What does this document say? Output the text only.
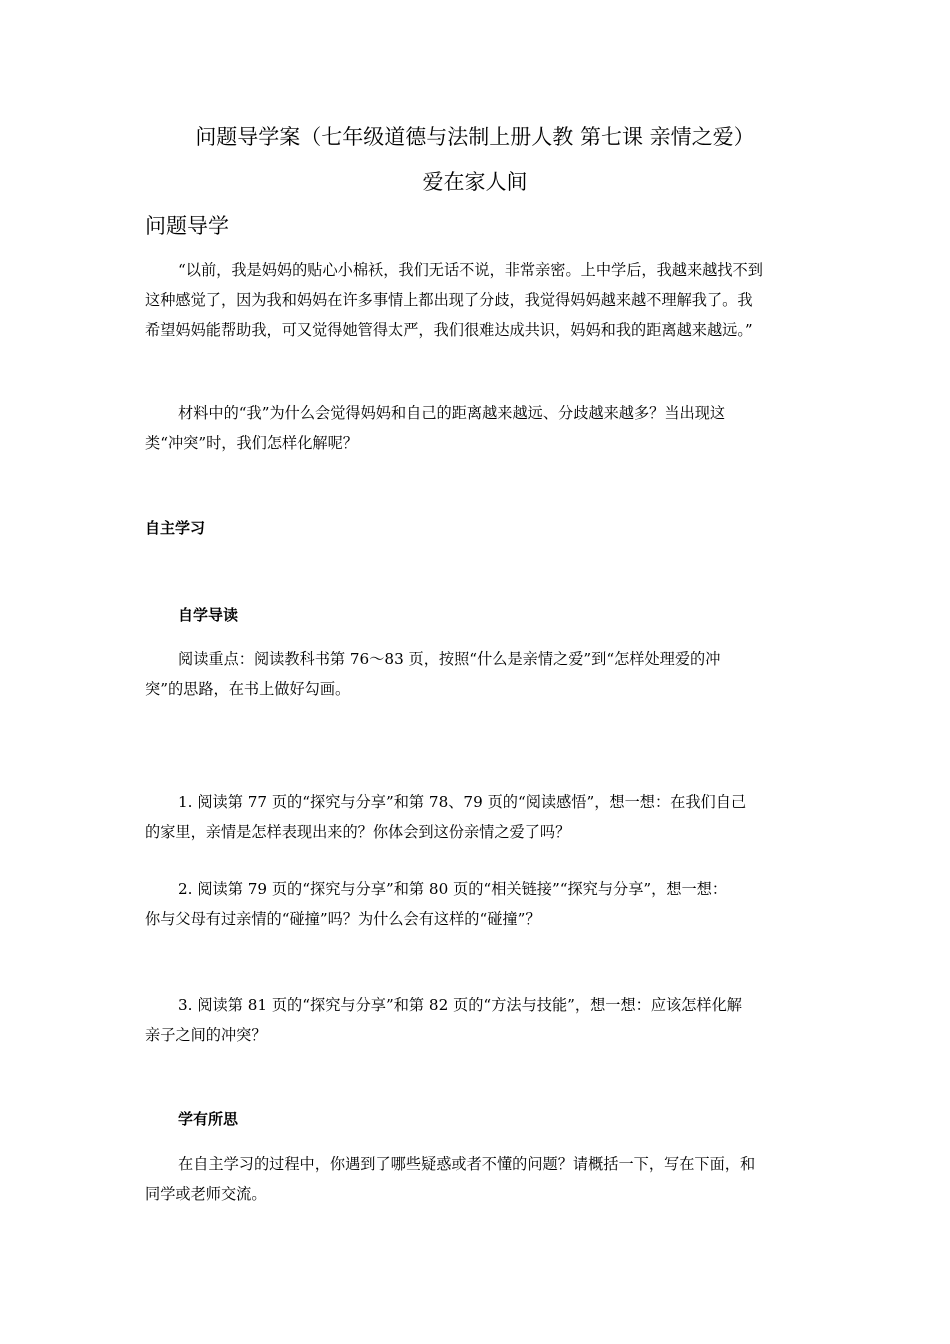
问题导学案（七年级道德与法制上册人教 第七课 亲情之爱）
爱在家人间
问题导学
“以前，我是妈妈的贴心小棉袄，我们无话不说，非常亲密。上中学后，我越来越找不到
这种感觉了，因为我和妈妈在许多事情上都出现了分歧，我觉得妈妈越来越不理解我了。我
希望妈妈能帮助我，可又觉得她管得太严，我们很难达成共识，妈妈和我的距离越来越远。”
材料中的“我”为什么会觉得妈妈和自己的距离越来越远、分歧越来越多？当出现这
类“冲突”时，我们怎样化解呢？
自主学习
自学导读
阅读重点：阅读教科书第 76～83 页，按照“什么是亲情之爱”到“怎样处理爱的冲
突”的思路，在书上做好勾画。
1. 阅读第 77 页的“探究与分享”和第 78、79 页的“阅读感悟”，想一想：在我们自己
的家里，亲情是怎样表现出来的？你体会到这份亲情之爱了吗？
2. 阅读第 79 页的“探究与分享”和第 80 页的“相关链接”“探究与分享”，想一想：
你与父母有过亲情的“碰撞”吗？为什么会有这样的“碰撞”？
3. 阅读第 81 页的“探究与分享”和第 82 页的“方法与技能”，想一想：应该怎样化解
亲子之间的冲突？
学有所思
在自主学习的过程中，你遇到了哪些疑惑或者不懂的问题？请概括一下，写在下面，和
同学或老师交流。
